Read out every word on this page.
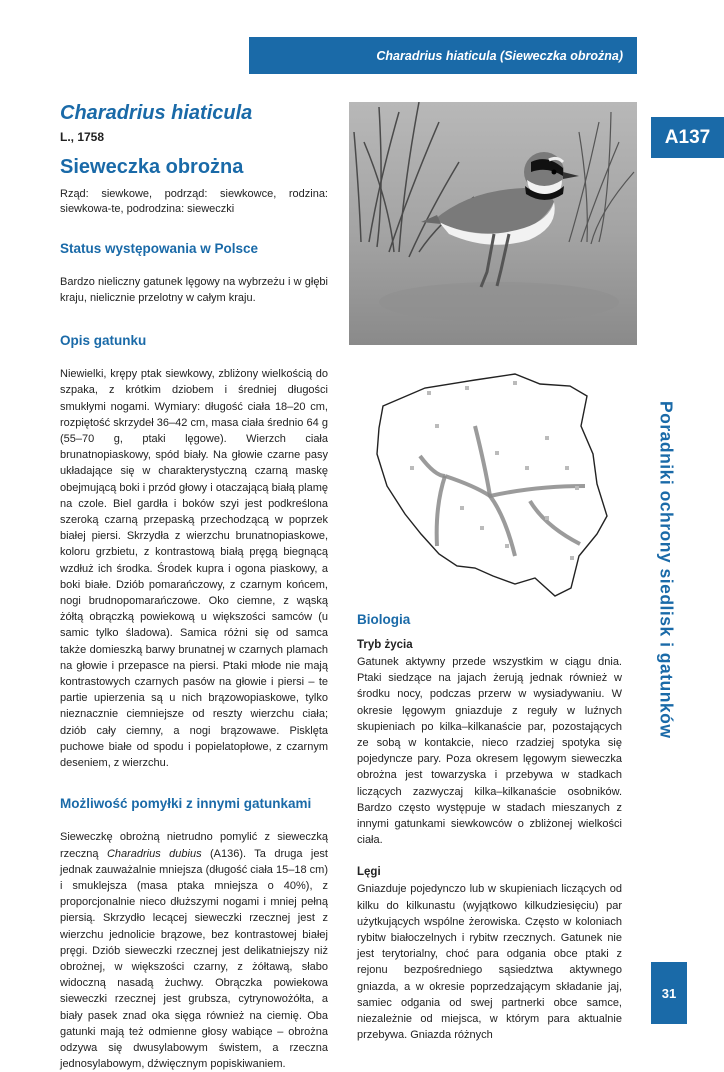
Charadrius hiaticula (Sieweczka obrożna)
Charadrius hiaticula
L., 1758
Sieweczka obrożna
Rząd: siewkowe, podrząd: siewkowce, rodzina: siewkowa-te, podrodzina: sieweczki
Status występowania w Polsce

Bardzo nieliczny gatunek lęgowy na wybrzeżu i w głębi kraju, nielicznie przelotny w całym kraju.

Opis gatunku

Niewielki, krępy ptak siewkowy, zbliżony wielkością do szpaka, z krótkim dziobem i średniej długości smukłymi nogami. Wymiary: długość ciała 18–20 cm, rozpiętość skrzydeł 36–42 cm, masa ciała średnio 64 g (55–70 g, ptaki lęgowe). Wierzch ciała brunatnopiaskowy, spód biały. Na głowie czarne pasy układające się w charakterystyczną czarną maskę obejmującą boki i przód głowy i otaczającą białą plamę na czole. Biel gardła i boków szyi jest podkreślona szeroką czarną przepaską przechodzącą w poprzek białej piersi. Skrzydła z wierzchu brunatnopiaskowe, koloru grzbietu, z kontrastową białą pręgą biegnącą wzdłuż ich środka. Środek kupra i ogona piaskowy, a boki białe. Dziób pomarańczowy, z czarnym końcem, nogi brudnopomarańczowe. Oko ciemne, z wąską żółtą obrączką powiekową u większości samców (u samic tylko śladowa). Samica różni się od samca także domieszką barwy brunatnej w czarnych plamach na głowie i przepasce na piersi. Ptaki młode nie mają kontrastowych czarnych pasów na głowie i piersi – te partie upierzenia są u nich brązowopiaskowe, tylko nieznacznie ciemniejsze od reszty wierzchu ciała; dziób cały ciemny, a nogi brązowawe. Pisklęta puchowe białe od spodu i popielatopłowe, z czarnym deseniem, z wierzchu.

Możliwość pomyłki z innymi gatunkami

Sieweczkę obrożną nietrudno pomylić z sieweczką rzeczną Charadrius dubius (A136). Ta druga jest jednak zauważalnie mniejsza (długość ciała 15–18 cm) i smuklejsza (masa ptaka mniejsza o 40%), z proporcjonalnie nieco dłuższymi nogami i mniej pełną piersią. Skrzydło lecącej sieweczki rzecznej jest z wierzchu jednolicie brązowe, bez kontrastowej białej pręgi. Dziób sieweczki rzecznej jest delikatniejszy niż obrożnej, w większości czarny, z żółtawą, słabo widoczną nasadą żuchwy. Obrączka powiekowa sieweczki rzecznej jest grubsza, cytrynowożółta, a biały pasek znad oka sięga również na ciemię. Oba gatunki mają też odmienne głosy wabiące – obrożna odzywa się dwusylabowym świstem, a rzeczna jednosylabowym, dźwięcznym popiskiwaniem.

A137
Poradniki ochrony siedlisk i gatunków
Biologia
Tryb życia

Gatunek aktywny przede wszystkim w ciągu dnia. Ptaki siedzące na jajach żerują jednak również w środku nocy, podczas przerw w wysiadywaniu. W okresie lęgowym gniazduje z reguły w luźnych skupieniach po kilka–kilkanaście par, pozostających ze sobą w kontakcie, nieco rzadziej spotyka się pojedyncze pary. Poza okresem lęgowym sieweczka obrożna jest towarzyska i przebywa w stadkach liczących zazwyczaj kilka–kilkanaście osobników. Bardzo często występuje w stadach mieszanych z innymi gatunkami siewkowców o zbliżonej wielkości ciała.

Lęgi

Gniazduje pojedynczo lub w skupieniach liczących od kilku do kilkunastu (wyjątkowo kilkudziesięciu) par użytkujących wspólne żerowiska. Często w koloniach rybitw białoczelnych i rybitw rzecznych. Gatunek nie jest terytorialny, choć para odgania obce ptaki z rejonu bezpośredniego sąsiedztwa aktywnego gniazda, a w okresie poprzedzającym składanie jaj, samiec odgania od swej partnerki obce samce, niezależnie od miejsca, w którym para aktualnie przebywa. Gniazda różnych

31
